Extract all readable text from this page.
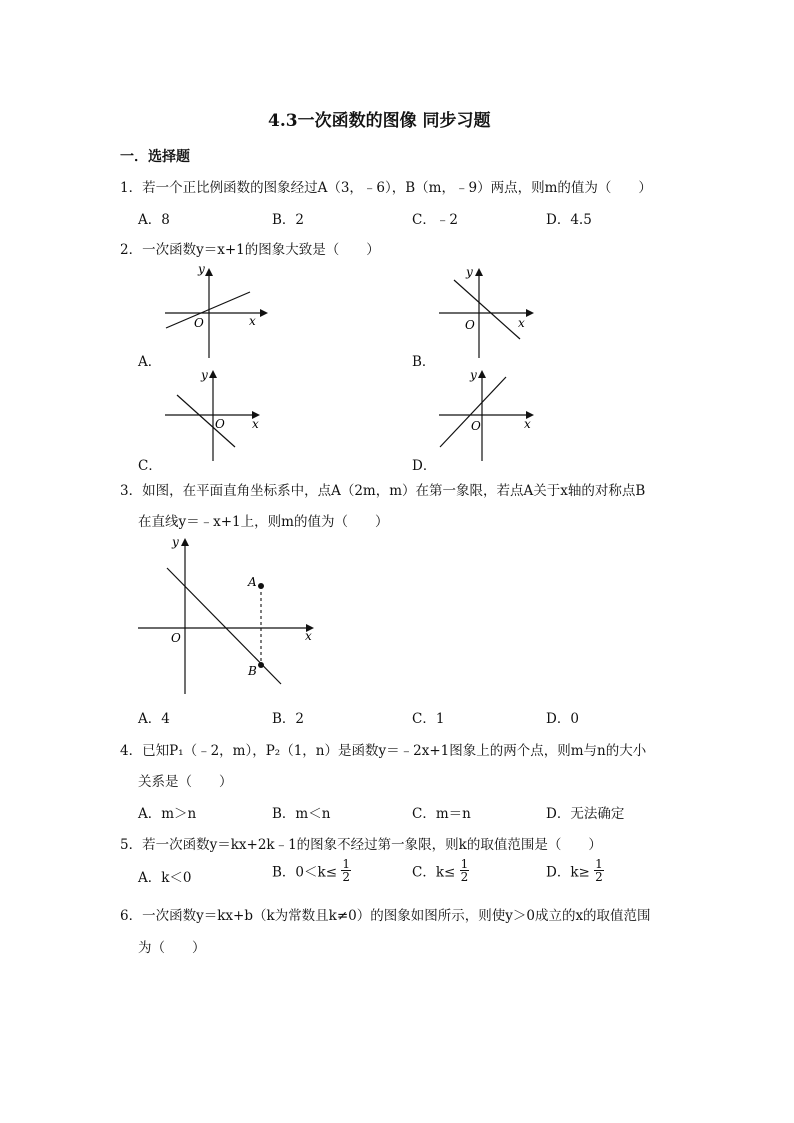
4.3一次函数的图像 同步习题
一．选择题
1．若一个正比例函数的图象经过A（3，﹣6），B（m，﹣9）两点，则m的值为（　　）
A．8	B．2	C．﹣2	D．4.5
2．一次函数y＝x+1的图象大致是（　　）
y
O	x
A．
y
O	x
B．
y
O x
C．
y
O	x
D．
3．如图，在平面直角坐标系中，点A（2m，m）在第一象限，若点A关于x轴的对称点B
在直线y＝﹣x+1上，则m的值为（　　）
y
O	x
A
B
A．4	B．2	C．1	D．0
4．已知P₁（﹣2，m），P₂（1，n）是函数y＝﹣2x+1图象上的两个点，则m与n的大小
关系是（　　）
A．m＞n	B．m＜n	C．m＝n	D．无法确定
5．若一次函数y＝kx+2k﹣1的图象不经过第一象限，则k的取值范围是（　　）
A．k＜0	B．$0<k\le \frac{1}{2}$	C．$k\le \frac{1}{2}$	D．$k\ge \frac{1}{2}$
6．一次函数y＝kx+b（k为常数且k≠0）的图象如图所示，则使y＞0成立的x的取值范围
为（　　）
